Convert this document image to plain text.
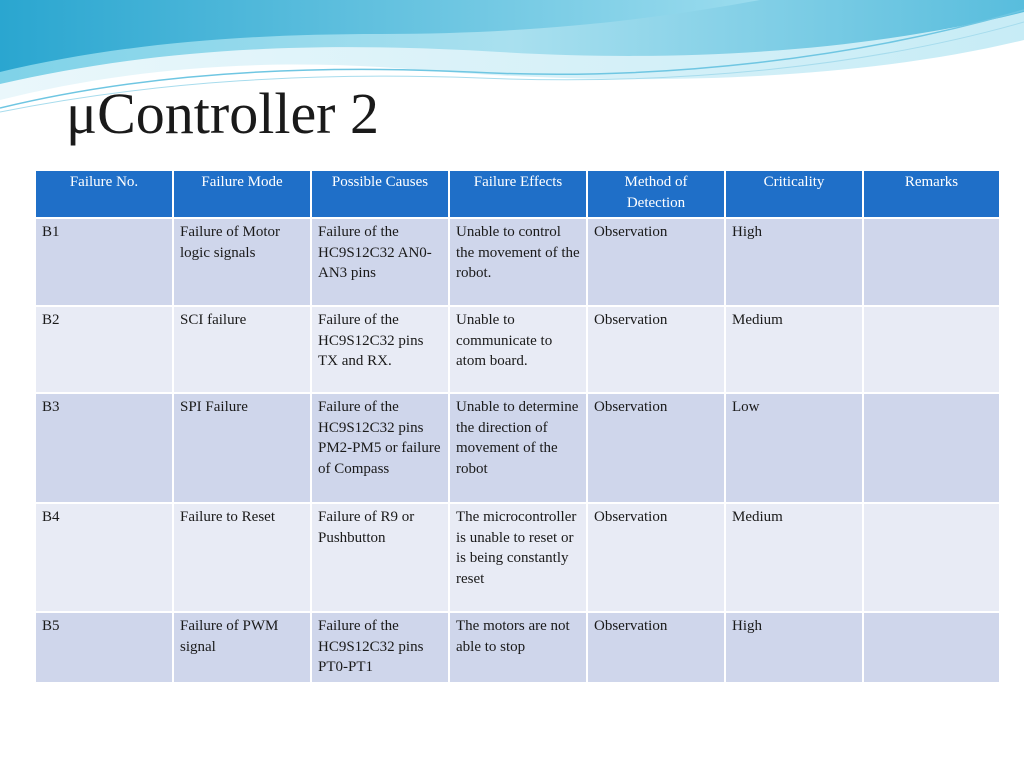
μController 2
Failure No.	Failure Mode	Possible Causes	Failure Effects	Method of Detection	Criticality	Remarks
B1	Failure of Motor logic signals	Failure of the HC9S12C32 AN0-AN3 pins	Unable to control the movement of the robot.	Observation	High	
B2	SCI failure	Failure of the HC9S12C32 pins TX and RX.	Unable to communicate to atom board.	Observation	Medium	
B3	SPI Failure	Failure of the HC9S12C32 pins PM2-PM5 or failure of Compass	Unable to determine the direction of movement of the robot	Observation	Low	
B4	Failure to Reset	Failure of R9 or Pushbutton	The microcontroller is unable to reset or is being constantly reset	Observation	Medium	
B5	Failure of PWM signal	Failure of the HC9S12C32 pins PT0-PT1	The motors are not able to stop	Observation	High	
